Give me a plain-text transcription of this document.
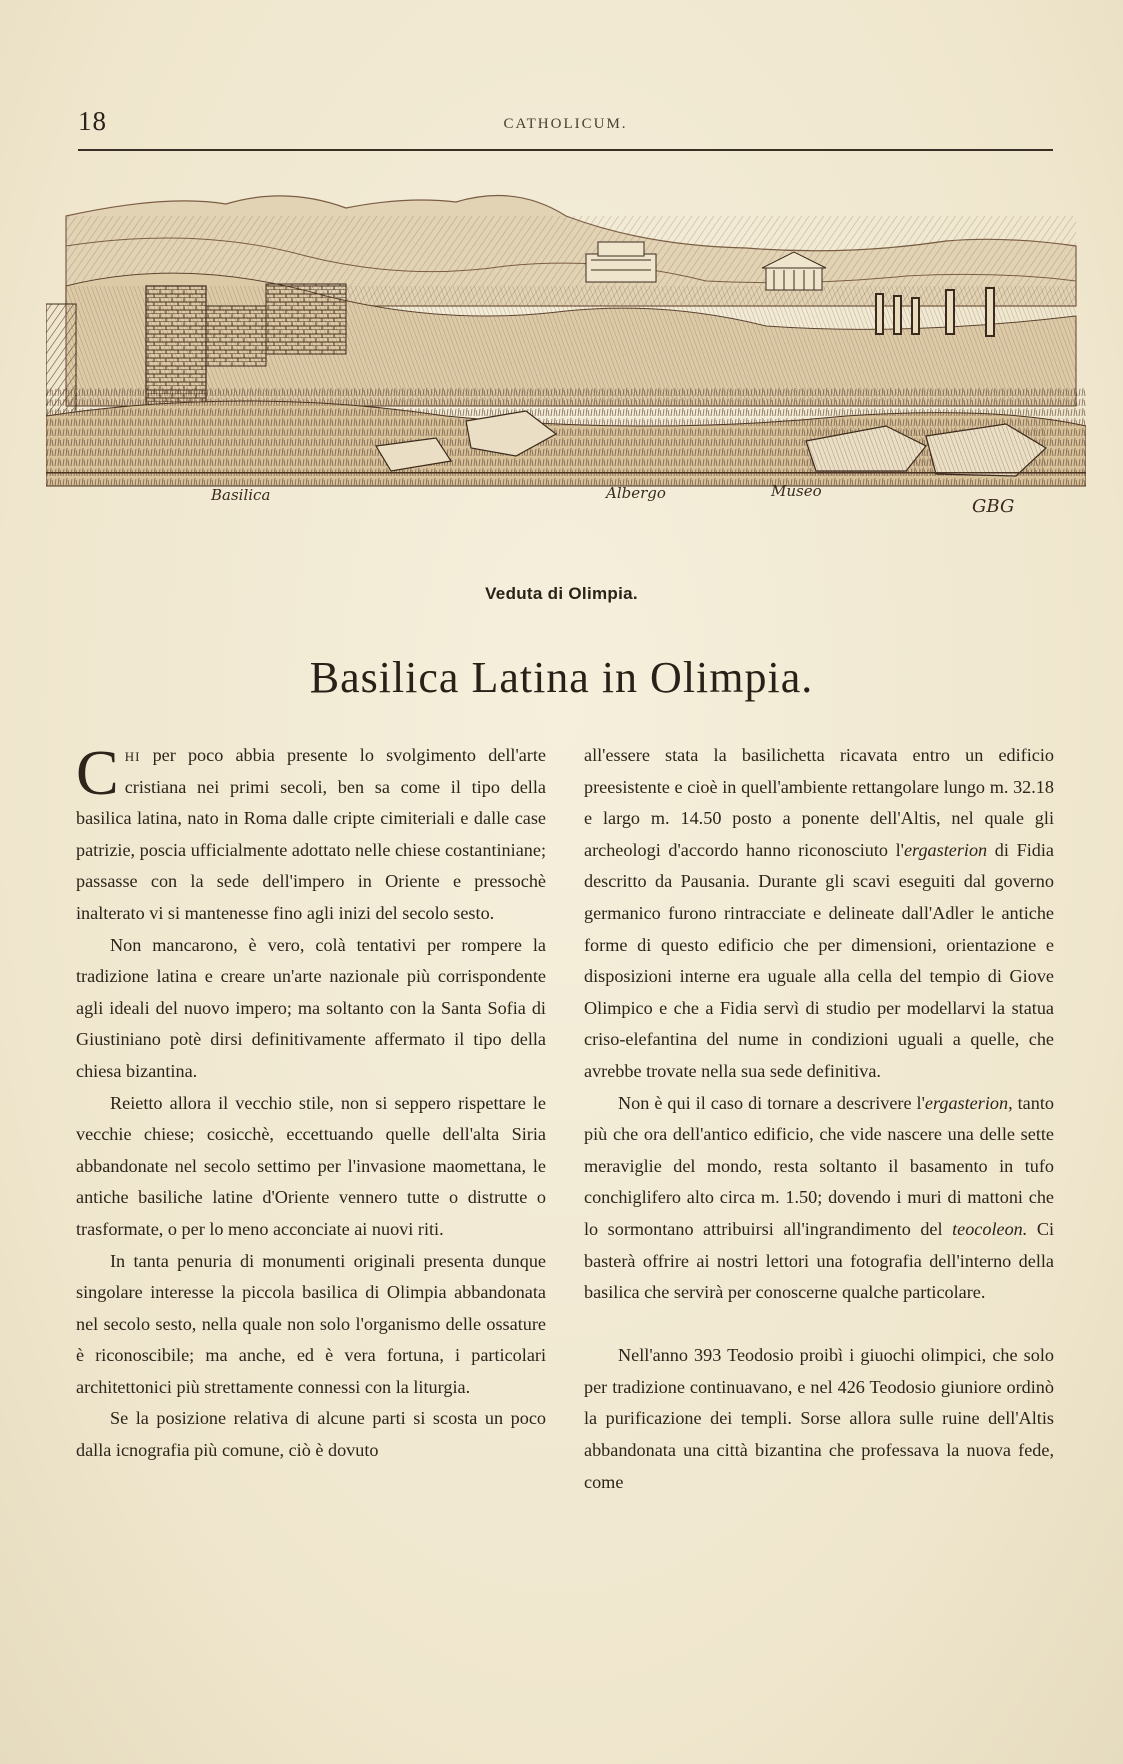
18	CATHOLICUM.
Basilica	Albergo	Museo
GBG
Veduta di Olimpia.
Basilica Latina in Olimpia.

Chi per poco abbia presente lo svolgimento dell'arte cristiana nei primi secoli, ben sa come il tipo della basilica latina, nato in Roma dalle cripte cimiteriali e dalle case patrizie, poscia ufficialmente adottato nelle chiese costantiniane; passasse con la sede dell'impero in Oriente e pressochè inalterato vi si mantenesse fino agli inizi del secolo sesto.

Non mancarono, è vero, colà tentativi per rompere la tradizione latina e creare un'arte nazionale più corrispondente agli ideali del nuovo impero; ma soltanto con la Santa Sofia di Giustiniano potè dirsi definitivamente affermato il tipo della chiesa bizantina.

Reietto allora il vecchio stile, non si seppero rispettare le vecchie chiese; cosicchè, eccettuando quelle dell'alta Siria abbandonate nel secolo settimo per l'invasione maomettana, le antiche basiliche latine d'Oriente vennero tutte o distrutte o trasformate, o per lo meno acconciate ai nuovi riti.

In tanta penuria di monumenti originali presenta dunque singolare interesse la piccola basilica di Olimpia abbandonata nel secolo sesto, nella quale non solo l'organismo delle ossature è riconoscibile; ma anche, ed è vera fortuna, i particolari architettonici più strettamente connessi con la liturgia.

Se la posizione relativa di alcune parti si scosta un poco dalla icnografia più comune, ciò è dovuto

all'essere stata la basilichetta ricavata entro un edificio preesistente e cioè in quell'ambiente rettangolare lungo m. 32.18 e largo m. 14.50 posto a ponente dell'Altis, nel quale gli archeologi d'accordo hanno riconosciuto l'ergasterion di Fidia descritto da Pausania. Durante gli scavi eseguiti dal governo germanico furono rintracciate e delineate dall'Adler le antiche forme di questo edificio che per dimensioni, orientazione e disposizioni interne era uguale alla cella del tempio di Giove Olimpico e che a Fidia servì di studio per modellarvi la statua criso-elefantina del nume in condizioni uguali a quelle, che avrebbe trovate nella sua sede definitiva.

Non è qui il caso di tornare a descrivere l'ergasterion, tanto più che ora dell'antico edificio, che vide nascere una delle sette meraviglie del mondo, resta soltanto il basamento in tufo conchiglifero alto circa m. 1.50; dovendo i muri di mattoni che lo sormontano attribuirsi all'ingrandimento del teocoleon. Ci basterà offrire ai nostri lettori una fotografia dell'interno della basilica che servirà per conoscerne qualche particolare.

Nell'anno 393 Teodosio proibì i giuochi olimpici, che solo per tradizione continuavano, e nel 426 Teodosio giuniore ordinò la purificazione dei templi. Sorse allora sulle ruine dell'Altis abbandonata una città bizantina che professava la nuova fede, come
